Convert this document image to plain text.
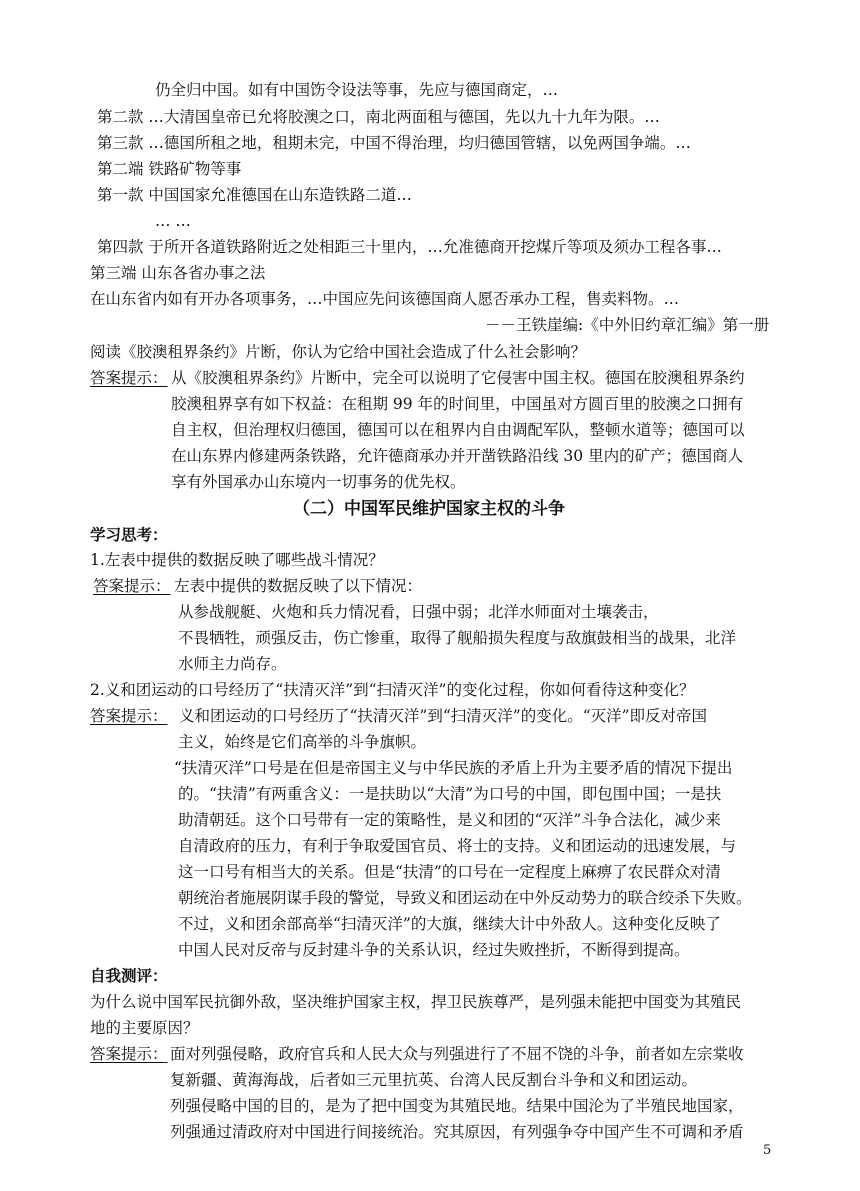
仍全归中国。如有中国饬令设法等事，先应与德国商定，…
第二款 …大清国皇帝已允将胶澳之口，南北两面租与德国，先以九十九年为限。…
第三款 …德国所租之地，租期未完，中国不得治理，均归德国管辖，以免两国争端。…
第二端 铁路矿物等事
第一款 中国国家允准德国在山东造铁路二道…
… …
第四款 于所开各道铁路附近之处相距三十里内，…允准德商开挖煤斤等项及须办工程各事…
第三端 山东各省办事之法
在山东省内如有开办各项事务，…中国应先问该德国商人愿否承办工程，售卖料物。…
－－王铁崖编:《中外旧约章汇编》第一册
阅读《胶澳租界条约》片断，你认为它给中国社会造成了什么社会影响？
答案提示： 从《胶澳租界条约》片断中，完全可以说明了它侵害中国主权。德国在胶澳租界条约
胶澳租界享有如下权益：在租期 99 年的时间里，中国虽对方圆百里的胶澳之口拥有
自主权，但治理权归德国，德国可以在租界内自由调配军队，整顿水道等；德国可以
在山东界内修建两条铁路，允许德商承办并开凿铁路沿线 30 里内的矿产；德国商人
享有外国承办山东境内一切事务的优先权。
（二）中国军民维护国家主权的斗争
学习思考：
1.左表中提供的数据反映了哪些战斗情况？
答案提示： 左表中提供的数据反映了以下情况：
从参战舰艇、火炮和兵力情况看，日强中弱；北洋水师面对土壤袭击，
不畏牺牲，顽强反击，伤亡惨重，取得了舰船损失程度与敌旗鼓相当的战果，北洋
水师主力尚存。
2.义和团运动的口号经历了“扶清灭洋”到“扫清灭洋”的变化过程，你如何看待这种变化？
答案提示： 义和团运动的口号经历了“扶清灭洋”到“扫清灭洋”的变化。“灭洋”即反对帝国
主义，始终是它们高举的斗争旗帜。
“扶清灭洋”口号是在但是帝国主义与中华民族的矛盾上升为主要矛盾的情况下提出
的。“扶清”有两重含义：一是扶助以“大清”为口号的中国，即包围中国；一是扶
助清朝廷。这个口号带有一定的策略性，是义和团的“灭洋”斗争合法化，减少来
自清政府的压力，有利于争取爱国官员、将士的支持。义和团运动的迅速发展，与
这一口号有相当大的关系。但是“扶清”的口号在一定程度上麻痹了农民群众对清
朝统治者施展阴谋手段的警觉，导致义和团运动在中外反动势力的联合绞杀下失败。
不过，义和团余部高举“扫清灭洋”的大旗，继续大计中外敌人。这种变化反映了
中国人民对反帝与反封建斗争的关系认识，经过失败挫折，不断得到提高。
自我测评：
为什么说中国军民抗御外敌，坚决维护国家主权，捍卫民族尊严，是列强未能把中国变为其殖民
地的主要原因？
答案提示： 面对列强侵略，政府官兵和人民大众与列强进行了不屈不饶的斗争，前者如左宗棠收
复新疆、黄海海战，后者如三元里抗英、台湾人民反割台斗争和义和团运动。
列强侵略中国的目的，是为了把中国变为其殖民地。结果中国沦为了半殖民地国家，
列强通过清政府对中国进行间接统治。究其原因，有列强争夺中国产生不可调和矛盾
5
